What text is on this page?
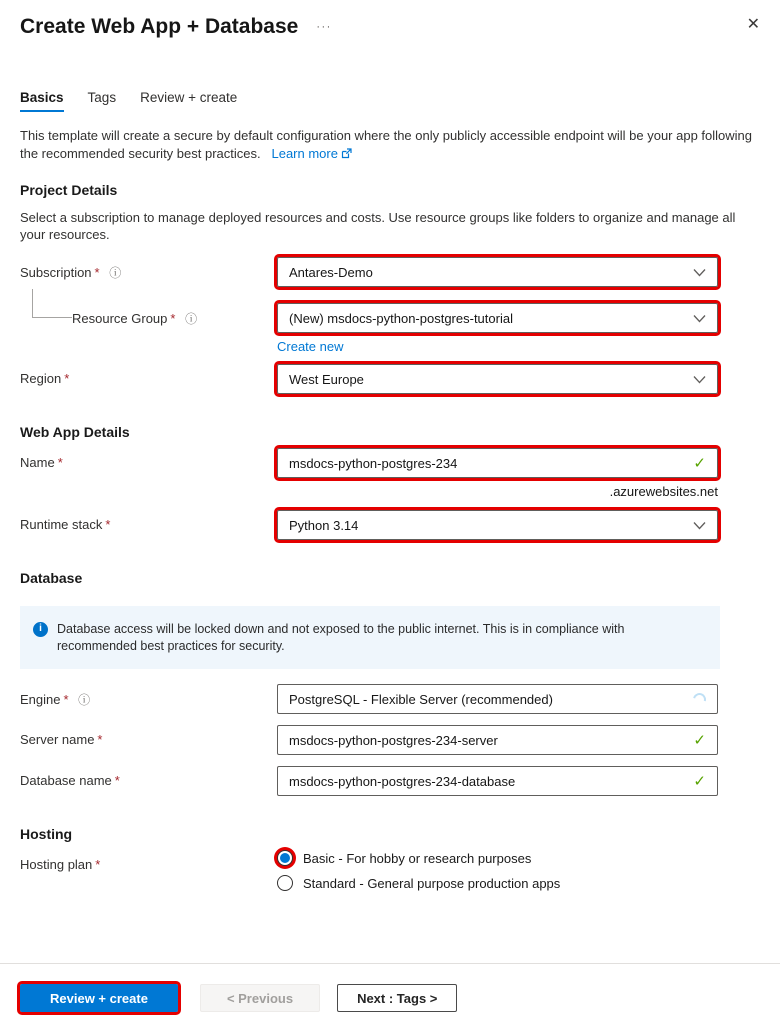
Create Web App + Database ···	✕
Basics Tags Review + create
This template will create a secure by default configuration where the only publicly accessible endpoint will be your app following the recommended security best practices. Learn more
Project Details
Select a subscription to manage deployed resources and costs. Use resource groups like folders to organize and manage all your resources.
Subscription * ⓘ	Antares-Demo
Resource Group * ⓘ	(New) msdocs-python-postgres-tutorial
Create new
Region *	West Europe
Web App Details
Name *	msdocs-python-postgres-234	✓
.azurewebsites.net
Runtime stack *	Python 3.14
Database
i	Database access will be locked down and not exposed to the public internet. This is in compliance with recommended best practices for security.
Engine * ⓘ	PostgreSQL - Flexible Server (recommended)
Server name *	msdocs-python-postgres-234-server	✓
Database name *	msdocs-python-postgres-234-database	✓
Hosting
Hosting plan *	Basic - For hobby or research purposes
Standard - General purpose production apps
Review + create	< Previous	Next : Tags >
